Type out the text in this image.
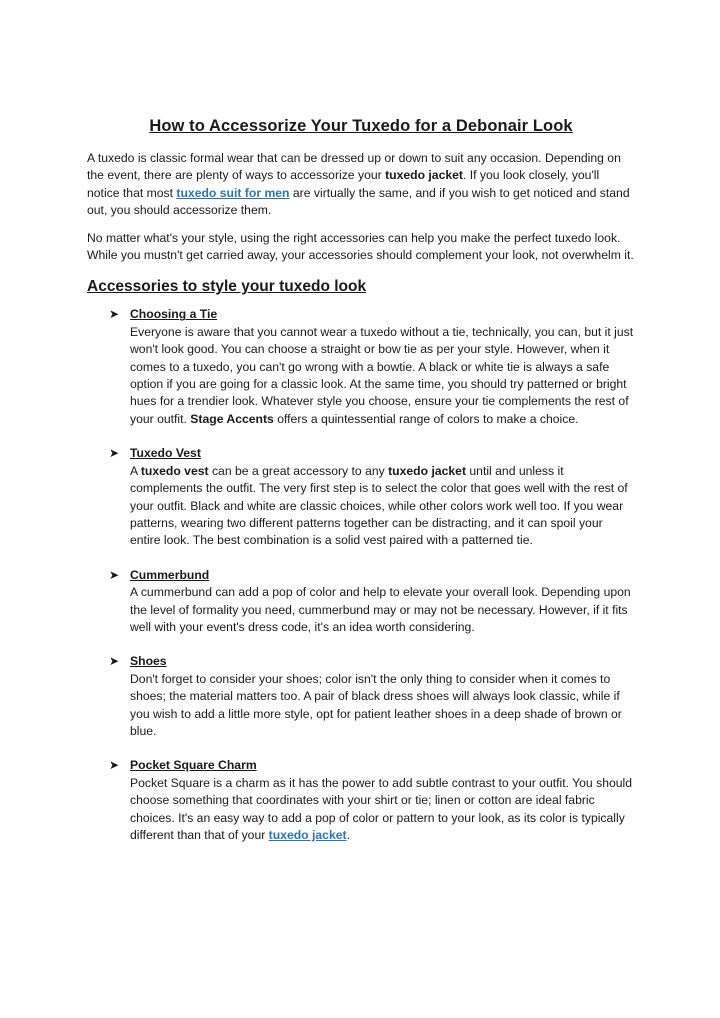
How to Accessorize Your Tuxedo for a Debonair Look

A tuxedo is classic formal wear that can be dressed up or down to suit any occasion. Depending on the event, there are plenty of ways to accessorize your tuxedo jacket. If you look closely, you'll notice that most tuxedo suit for men are virtually the same, and if you wish to get noticed and stand out, you should accessorize them.

No matter what's your style, using the right accessories can help you make the perfect tuxedo look. While you mustn't get carried away, your accessories should complement your look, not overwhelm it.

Accessories to style your tuxedo look
➤ Choosing a Tie
Everyone is aware that you cannot wear a tuxedo without a tie, technically, you can, but it just won't look good. You can choose a straight or bow tie as per your style. However, when it comes to a tuxedo, you can't go wrong with a bowtie. A black or white tie is always a safe option if you are going for a classic look. At the same time, you should try patterned or bright hues for a trendier look. Whatever style you choose, ensure your tie complements the rest of your outfit. Stage Accents offers a quintessential range of colors to make a choice.
➤ Tuxedo Vest
A tuxedo vest can be a great accessory to any tuxedo jacket until and unless it complements the outfit. The very first step is to select the color that goes well with the rest of your outfit. Black and white are classic choices, while other colors work well too. If you wear patterns, wearing two different patterns together can be distracting, and it can spoil your entire look. The best combination is a solid vest paired with a patterned tie.
➤ Cummerbund
A cummerbund can add a pop of color and help to elevate your overall look. Depending upon the level of formality you need, cummerbund may or may not be necessary. However, if it fits well with your event's dress code, it's an idea worth considering.
➤ Shoes
Don't forget to consider your shoes; color isn't the only thing to consider when it comes to shoes; the material matters too. A pair of black dress shoes will always look classic, while if you wish to add a little more style, opt for patient leather shoes in a deep shade of brown or blue.
➤ Pocket Square Charm
Pocket Square is a charm as it has the power to add subtle contrast to your outfit. You should choose something that coordinates with your shirt or tie; linen or cotton are ideal fabric choices. It's an easy way to add a pop of color or pattern to your look, as its color is typically different than that of your tuxedo jacket.
